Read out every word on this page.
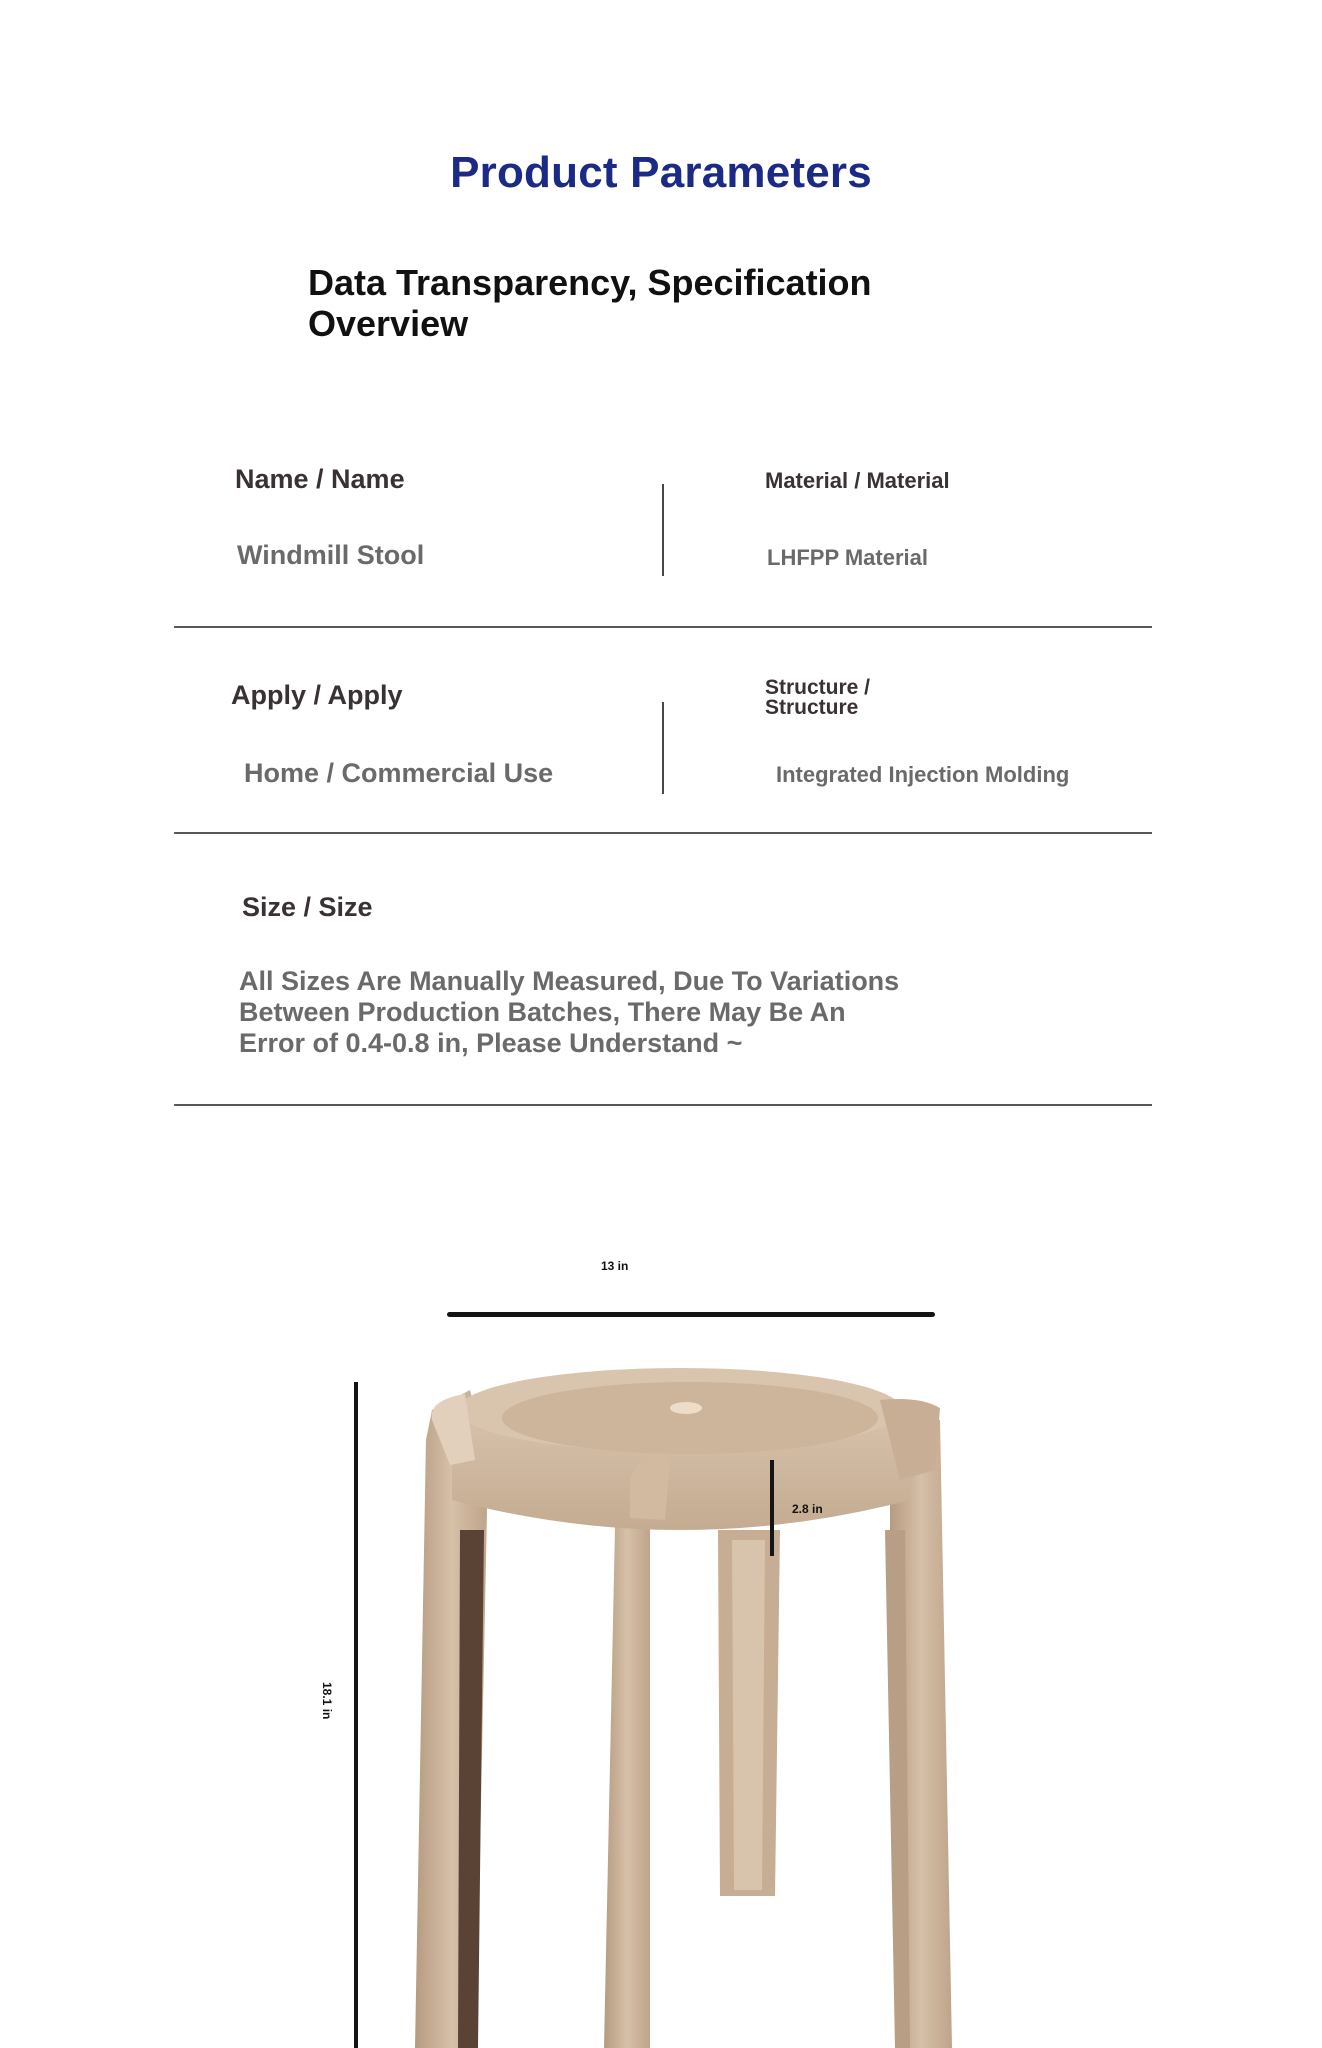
Product Parameters
Data Transparency, Specification Overview
Name / Name
Windmill Stool
Material / Material
LHFPP Material
Apply / Apply
Home / Commercial Use
Structure / Structure
Integrated Injection Molding
Size / Size
All Sizes Are Manually Measured, Due To Variations Between Production Batches, There May Be An Error of 0.4-0.8 in, Please Understand ~
13 in
18.1 in
2.8 in
